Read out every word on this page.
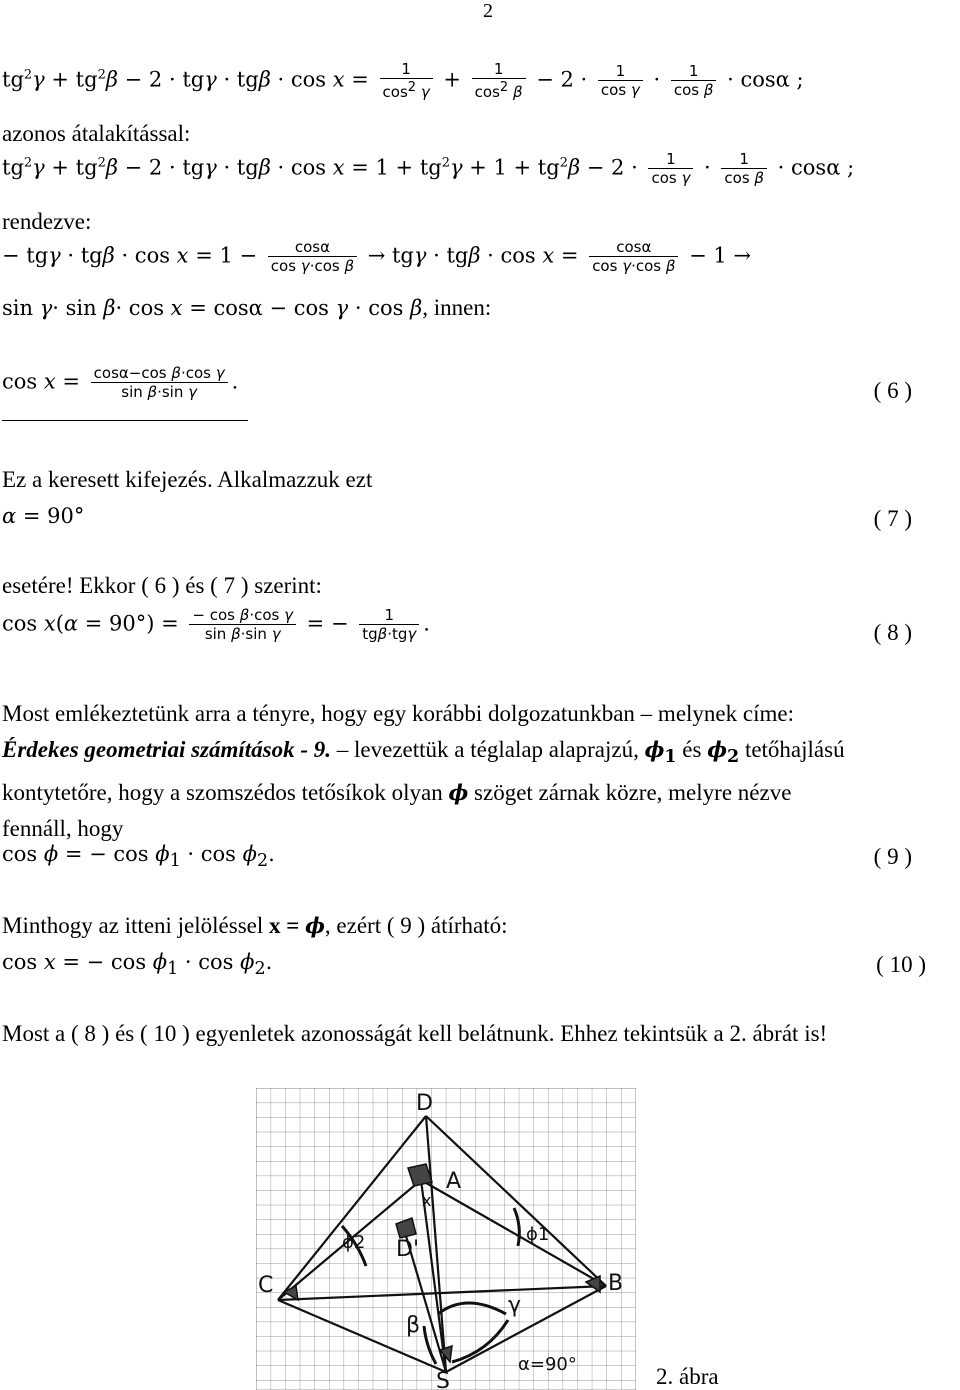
2
$tg^2\gamma + tg^2\beta - 2 \cdot tg\gamma \cdot tg\beta \cdot \cos x = \frac{1}{\cos^2 \gamma} + \frac{1}{\cos^2 \beta} - 2 \cdot \frac{1}{\text{cos γ}} \cdot \frac{1}{\text{cos β}} \cdot \cos\alpha$ ;
azonos átalakítással:
$tg^2\gamma + tg^2\beta - 2 \cdot tg\gamma \cdot tg\beta \cdot \cos x = 1 + tg^2\gamma + 1 + tg^2\beta - 2 \cdot \frac{1}{\text{cos γ}} \cdot \frac{1}{\text{cos β}} \cdot \cos\alpha$ ;
rendezve:
− $tg\gamma \cdot tg\beta \cdot \cos x = 1 - \frac{\cos\alpha}{\text{cos γ·cos β}} \to tg\gamma \cdot tg\beta \cdot \cos x = \frac{\cos\alpha}{\text{cos γ·cos β}} - 1$ →
sin γ· sin β· cos x = cosα − cos γ · cos β, innen:
$\cos x = \frac{\text{cosα−cos β·cos γ}}{\text{sin β·sin γ}}$ .	( 6 )
Ez a keresett kifejezés. Alkalmazzuk ezt
α = 90°	( 7 )
esetére! Ekkor ( 6 ) és ( 7 ) szerint:
$\cos x(\alpha = 90^\circ) = \frac{\text{− cos β·cos γ}}{\text{sin β·sin γ}}$ = − $\frac{1}{\text{tgβ·tgγ}}$ .	( 8 )
Most emlékeztetünk arra a tényre, hogy egy korábbi dolgozatunkban – melynek címe:
Érdekes geometriai számítások - 9. – levezettük a téglalap alaprajzú, $\phi_1$ és $\phi_2$ tetőhajlású
kontytetőre, hogy a szomszédos tetősíkok olyan ϕ szöget zárnak közre, melyre nézve
fennáll, hogy
cos ϕ = − $\cos \phi_1 \cdot \cos \phi_2$.	( 9 )
Minthogy az itteni jelöléssel x = ϕ, ezért ( 9 ) átírható:
cos x = − $\cos \phi_1 \cdot \cos \phi_2$.	( 10 )
Most a ( 8 ) és ( 10 ) egyenletek azonosságát kell belátnunk. Ehhez tekintsük a 2. ábrát is!
D
A
C	B
D'
S
ϕ1
ϕ2
β
γ
x
α=90°	2. ábra
